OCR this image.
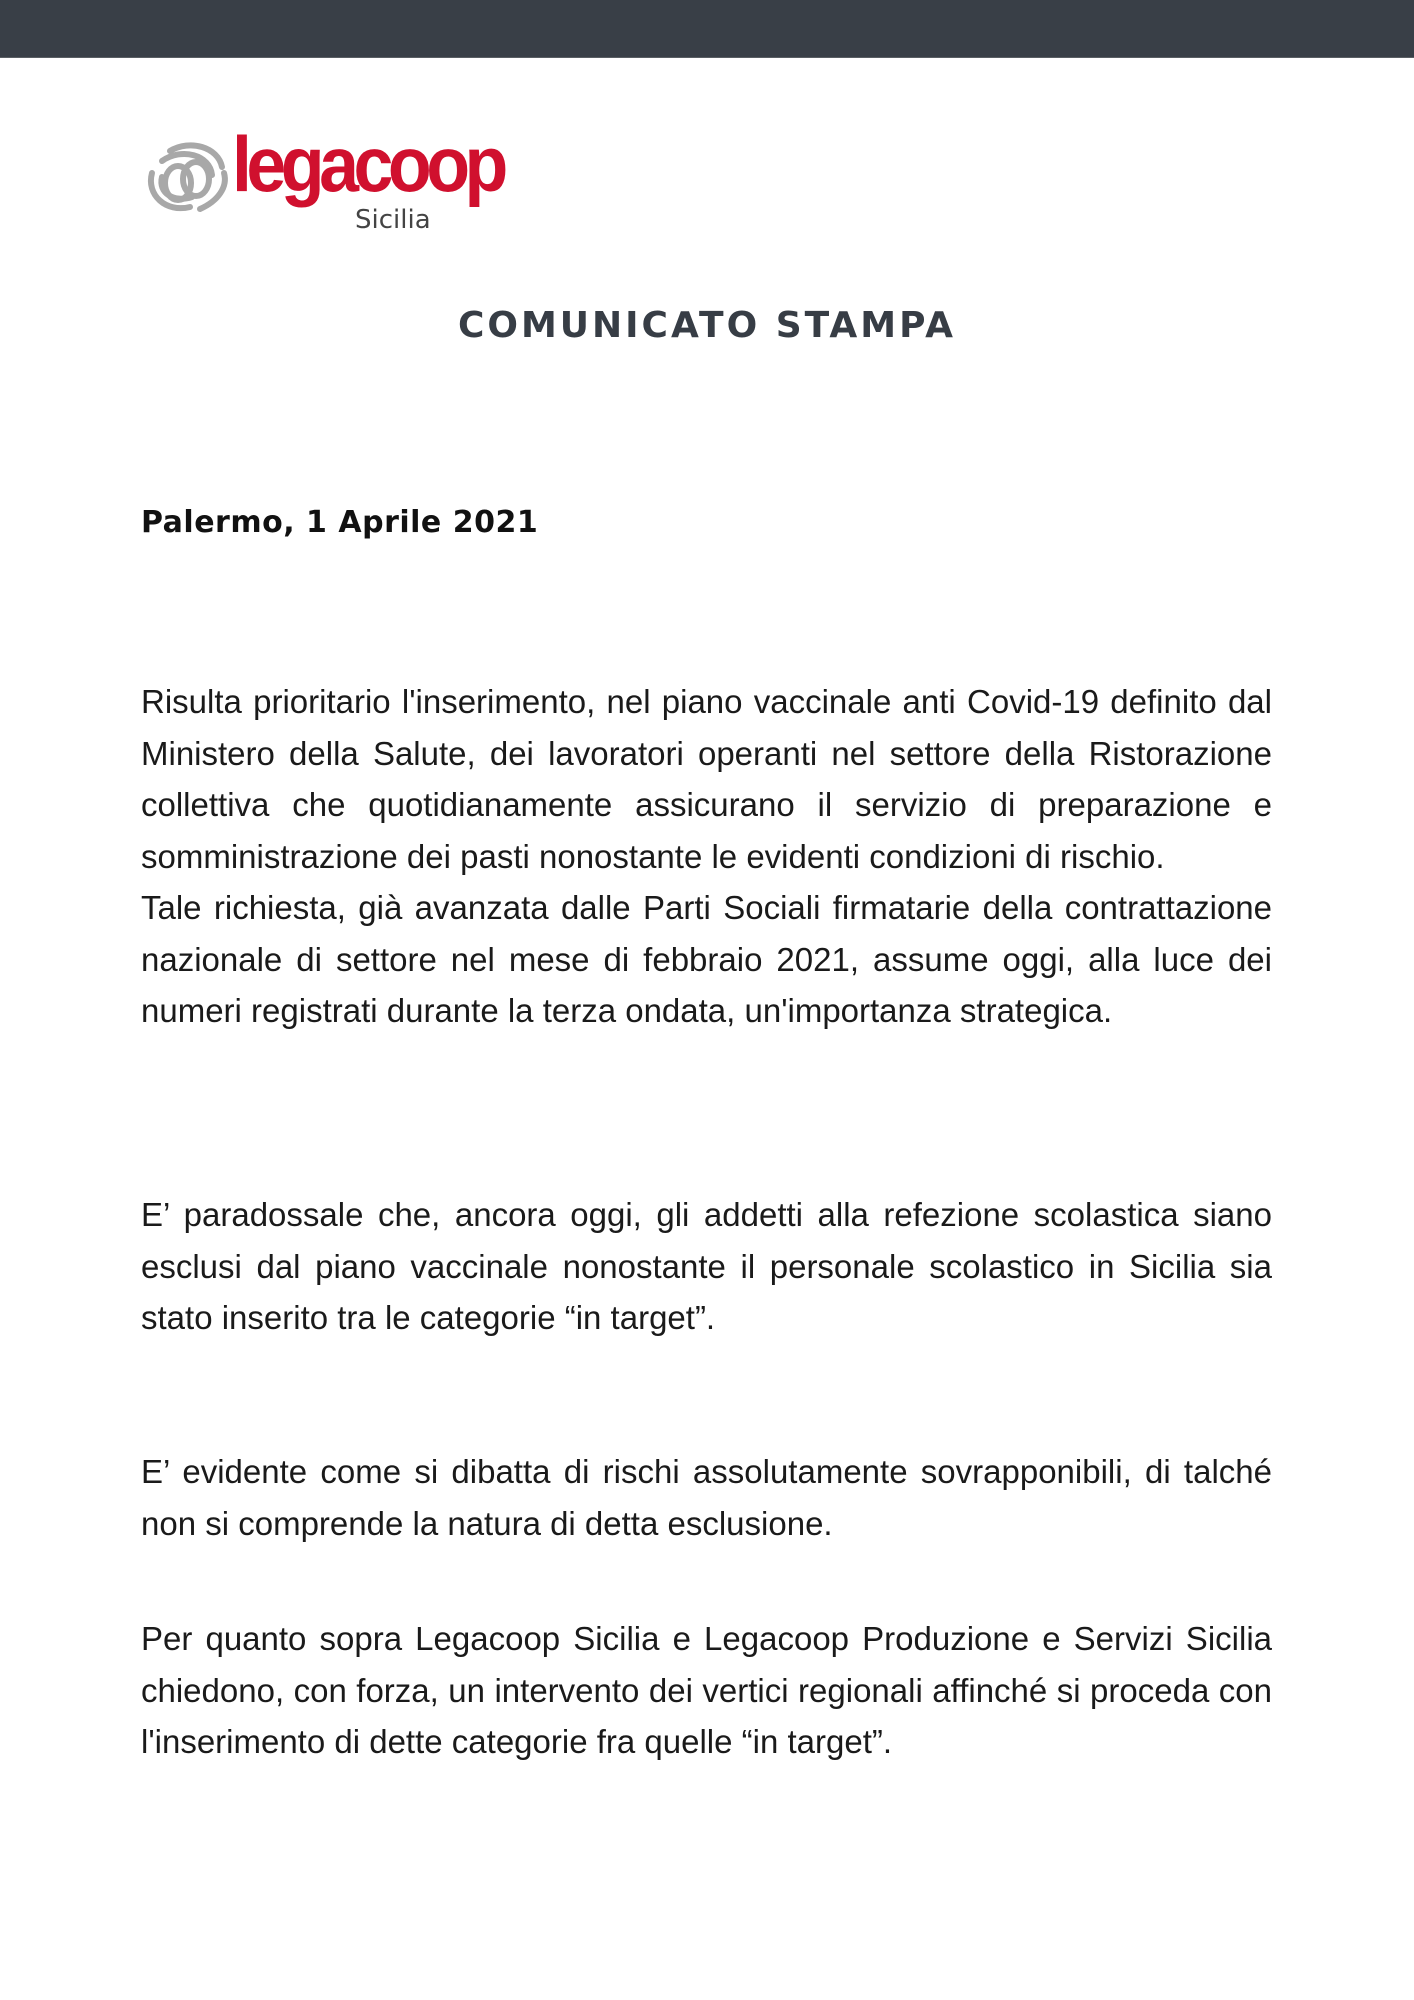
legacoop
Sicilia
COMUNICATO STAMPA
Palermo, 1 Aprile 2021

Risulta prioritario l'inserimento, nel piano vaccinale anti Covid-19 definito dal Ministero della Salute, dei lavoratori operanti nel settore della Ristorazione collettiva che quotidianamente assicurano il servizio di preparazione e somministrazione dei pasti nonostante le evidenti condizioni di rischio.
Tale richiesta, già avanzata dalle Parti Sociali firmatarie della contrattazione nazionale di settore nel mese di febbraio 2021, assume oggi, alla luce dei numeri registrati durante la terza ondata, un'importanza strategica.

E’ paradossale che, ancora oggi, gli addetti alla refezione scolastica siano esclusi dal piano vaccinale nonostante il personale scolastico in Sicilia sia stato inserito tra le categorie “in target”.

E’ evidente come si dibatta di rischi assolutamente sovrapponibili, di talché non si comprende la natura di detta esclusione.

Per quanto sopra Legacoop Sicilia e Legacoop Produzione e Servizi Sicilia chiedono, con forza, un intervento dei vertici regionali affinché si proceda con l'inserimento di dette categorie fra quelle “in target”.
